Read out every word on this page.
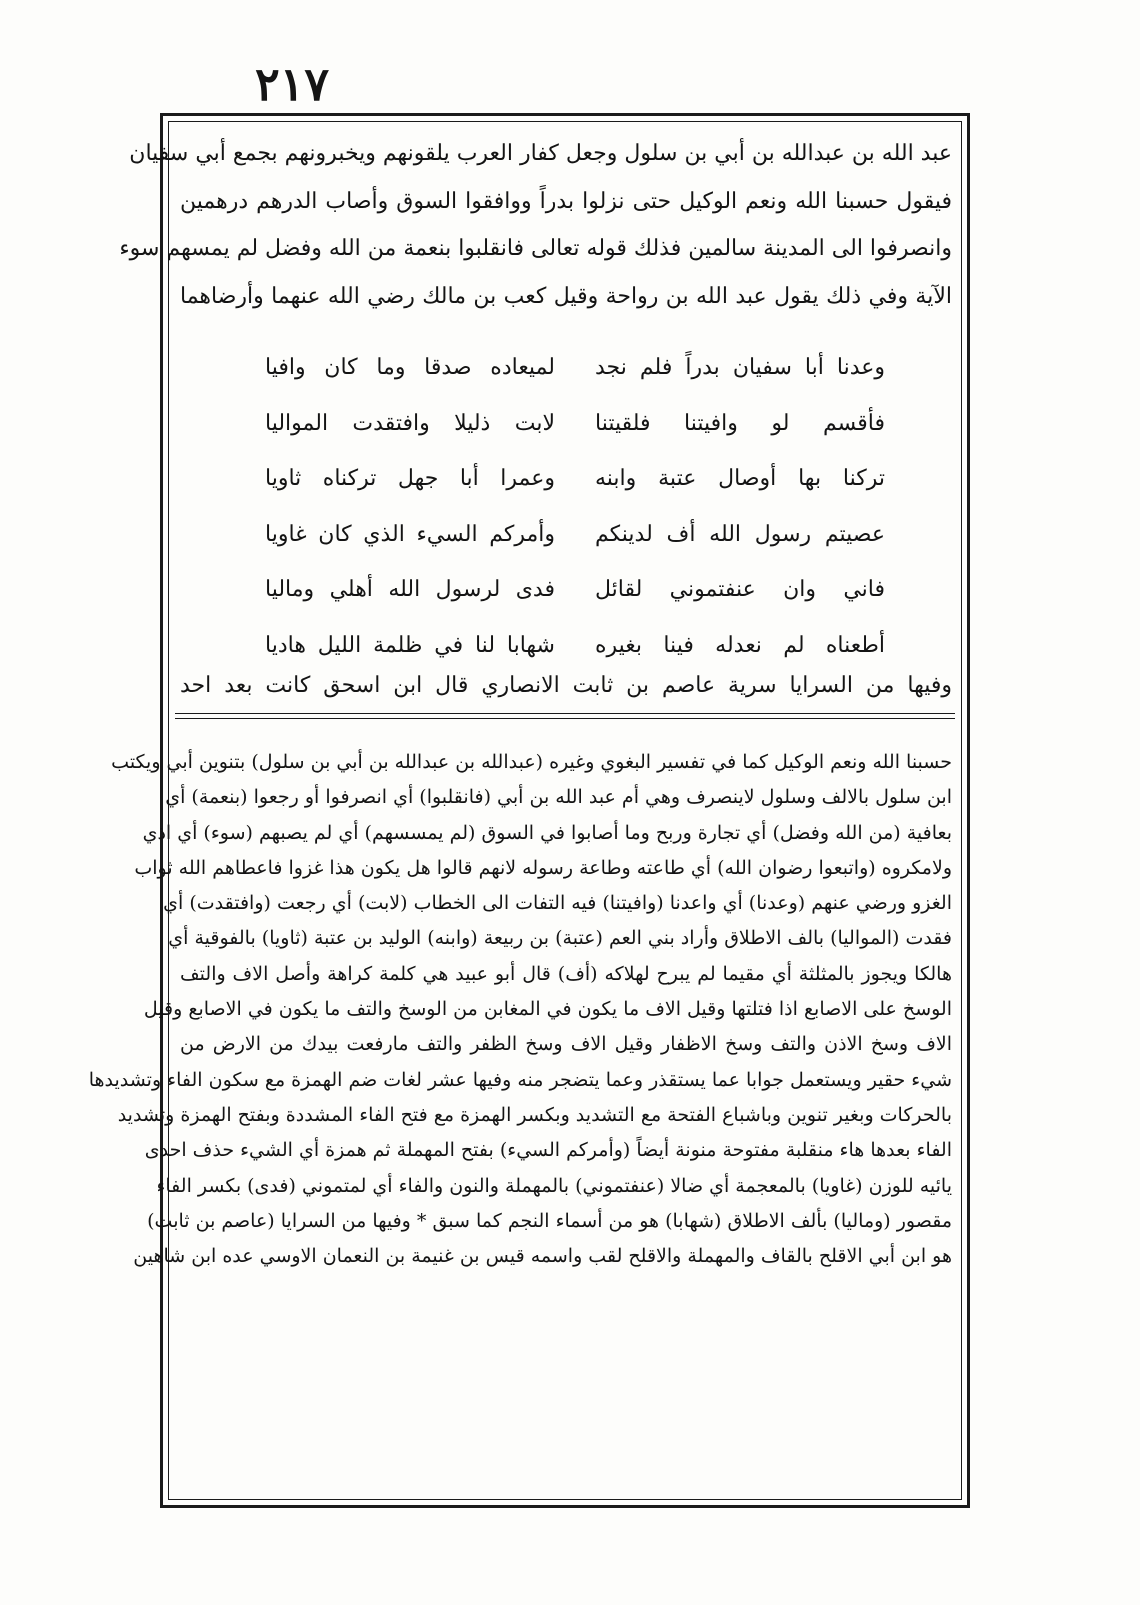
٢١٧
عبد الله بن عبدالله بن أبي بن سلول وجعل كفار العرب يلقونهم ويخبرونهم بجمع أبي سفيان
فيقول حسبنا الله ونعم الوكيل حتى نزلوا بدراً ووافقوا السوق وأصاب الدرهم درهمين
وانصرفوا الى المدينة سالمين فذلك قوله تعالى فانقلبوا بنعمة من الله وفضل لم يمسهم سوء
الآية وفي ذلك يقول عبد الله بن رواحة وقيل كعب بن مالك رضي الله عنهما وأرضاهما
وعدنا أبا سفيان بدراً فلم نجد
لميعاده صدقا وما كان وافيا
فأقسم لو وافيتنا فلقيتنا
لابت ذليلا وافتقدت المواليا
تركنا بها أوصال عتبة وابنه
وعمرا أبا جهل تركناه ثاويا
عصيتم رسول الله أف لدينكم
وأمركم السيء الذي كان غاويا
فاني وان عنفتموني لقائل
فدى لرسول الله أهلي وماليا
أطعناه لم نعدله فينا بغيره
شهابا لنا في ظلمة الليل هاديا
وفيها من السرايا سرية عاصم بن ثابت الانصاري قال ابن اسحق كانت بعد احد
حسبنا الله ونعم الوكيل كما في تفسير البغوي وغيره (عبدالله بن عبدالله بن أبي بن سلول) بتنوين أبي ويكتب
ابن سلول بالالف وسلول لاينصرف وهي أم عبد الله بن أبي (فانقلبوا) أي انصرفوا أو رجعوا (بنعمة) أي
بعافية (من الله وفضل) أي تجارة وربح وما أصابوا في السوق (لم يمسسهم) أي لم يصبهم (سوء) أي اذي
ولامكروه (واتبعوا رضوان الله) أي طاعته وطاعة رسوله لانهم قالوا هل يكون هذا غزوا فاعطاهم الله ثواب
الغزو ورضي عنهم (وعدنا) أي واعدنا (وافيتنا) فيه التفات الى الخطاب (لابت) أي رجعت (وافتقدت) أي
فقدت (المواليا) بالف الاطلاق وأراد بني العم (عتبة) بن ربيعة (وابنه) الوليد بن عتبة (ثاويا) بالفوقية أي
هالكا ويجوز بالمثلثة أي مقيما لم يبرح لهلاكه (أف) قال أبو عبيد هي كلمة كراهة وأصل الاف والتف
الوسخ على الاصابع اذا فتلتها وقيل الاف ما يكون في المغابن من الوسخ والتف ما يكون في الاصابع وقيل
الاف وسخ الاذن والتف وسخ الاظفار وقيل الاف وسخ الظفر والتف مارفعت بيدك من الارض من
شيء حقير ويستعمل جوابا عما يستقذر وعما يتضجر منه وفيها عشر لغات ضم الهمزة مع سكون الفاء وتشديدها
بالحركات وبغير تنوين وباشباع الفتحة مع التشديد وبكسر الهمزة مع فتح الفاء المشددة وبفتح الهمزة وتشديد
الفاء بعدها هاء منقلبة مفتوحة منونة أيضاً (وأمركم السيء) بفتح المهملة ثم همزة أي الشيء حذف احدى
يائيه للوزن (غاويا) بالمعجمة أي ضالا (عنفتموني) بالمهملة والنون والفاء أي لمتموني (فدى) بكسر الفاء
مقصور (وماليا) بألف الاطلاق (شهابا) هو من أسماء النجم كما سبق * وفيها من السرايا (عاصم بن ثابت)
هو ابن أبي الاقلح بالقاف والمهملة والاقلح لقب واسمه قيس بن غنيمة بن النعمان الاوسي عده ابن شاهين
